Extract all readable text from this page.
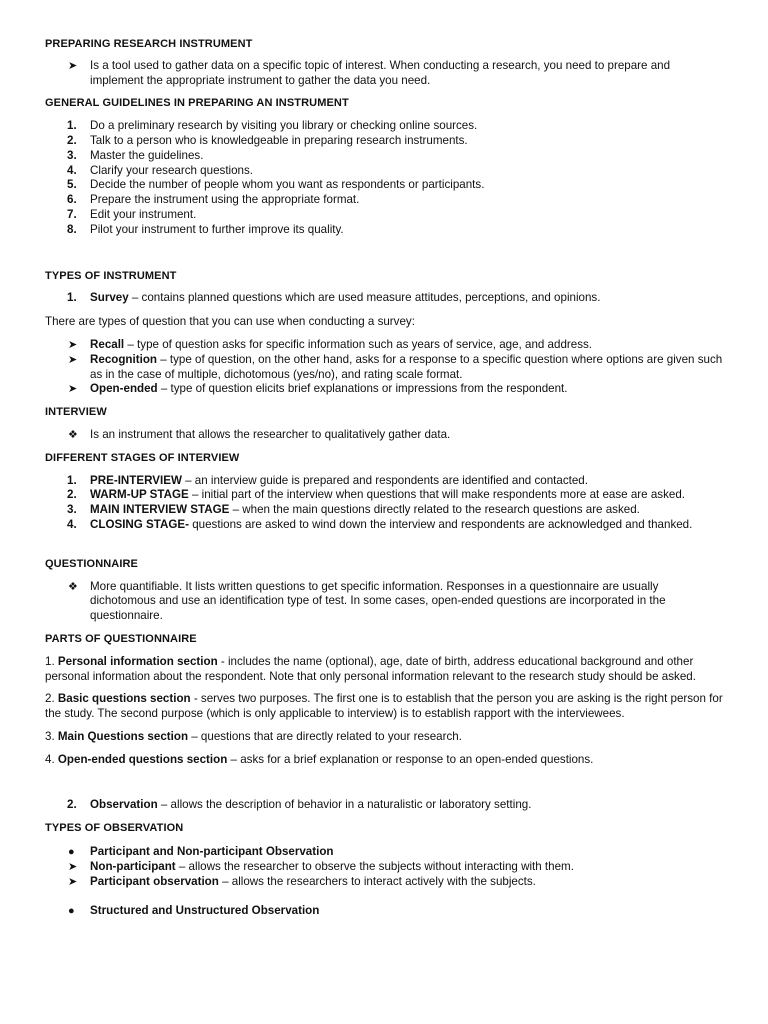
PREPARING RESEARCH INSTRUMENT
➤	Is a tool used to gather data on a specific topic of interest. When conducting a research, you need to prepare and implement the appropriate instrument to gather the data you need.
GENERAL GUIDELINES IN PREPARING AN INSTRUMENT
1.	Do a preliminary research by visiting you library or checking online sources.
2.	Talk to a person who is knowledgeable in preparing research instruments.
3.	Master the guidelines.
4.	Clarify your research questions.
5.	Decide the number of people whom you want as respondents or participants.
6.	Prepare the instrument using the appropriate format.
7.	Edit your instrument.
8.	Pilot your instrument to further improve its quality.
TYPES OF INSTRUMENT
1.	Survey – contains planned questions which are used measure attitudes, perceptions, and opinions.
There are types of question that you can use when conducting a survey:
➤	Recall – type of question asks for specific information such as years of service, age, and address.
➤	Recognition – type of question, on the other hand, asks for a response to a specific question where options are given such as in the case of multiple, dichotomous (yes/no), and rating scale format.
➤	Open-ended – type of question elicits brief explanations or impressions from the respondent.
INTERVIEW
❖	Is an instrument that allows the researcher to qualitatively gather data.
DIFFERENT STAGES OF INTERVIEW
1.	PRE-INTERVIEW – an interview guide is prepared and respondents are identified and contacted.
2.	WARM-UP STAGE – initial part of the interview when questions that will make respondents more at ease are asked.
3.	MAIN INTERVIEW STAGE – when the main questions directly related to the research questions are asked.
4.	CLOSING STAGE- questions are asked to wind down the interview and respondents are acknowledged and thanked.
QUESTIONNAIRE
❖	More quantifiable. It lists written questions to get specific information. Responses in a questionnaire are usually dichotomous and use an identification type of test. In some cases, open-ended questions are incorporated in the questionnaire.
PARTS OF QUESTIONNAIRE
1. Personal information section - includes the name (optional), age, date of birth, address educational background and other personal information about the respondent. Note that only personal information relevant to the research study should be asked.
2. Basic questions section - serves two purposes. The first one is to establish that the person you are asking is the right person for the study. The second purpose (which is only applicable to interview) is to establish rapport with the interviewees.
3. Main Questions section – questions that are directly related to your research.
4. Open-ended questions section – asks for a brief explanation or response to an open-ended questions.
2.	Observation – allows the description of behavior in a naturalistic or laboratory setting.
TYPES OF OBSERVATION
●	Participant and Non-participant Observation
➤	Non-participant – allows the researcher to observe the subjects without interacting with them.
➤	Participant observation – allows the researchers to interact actively with the subjects.
●	Structured and Unstructured Observation
